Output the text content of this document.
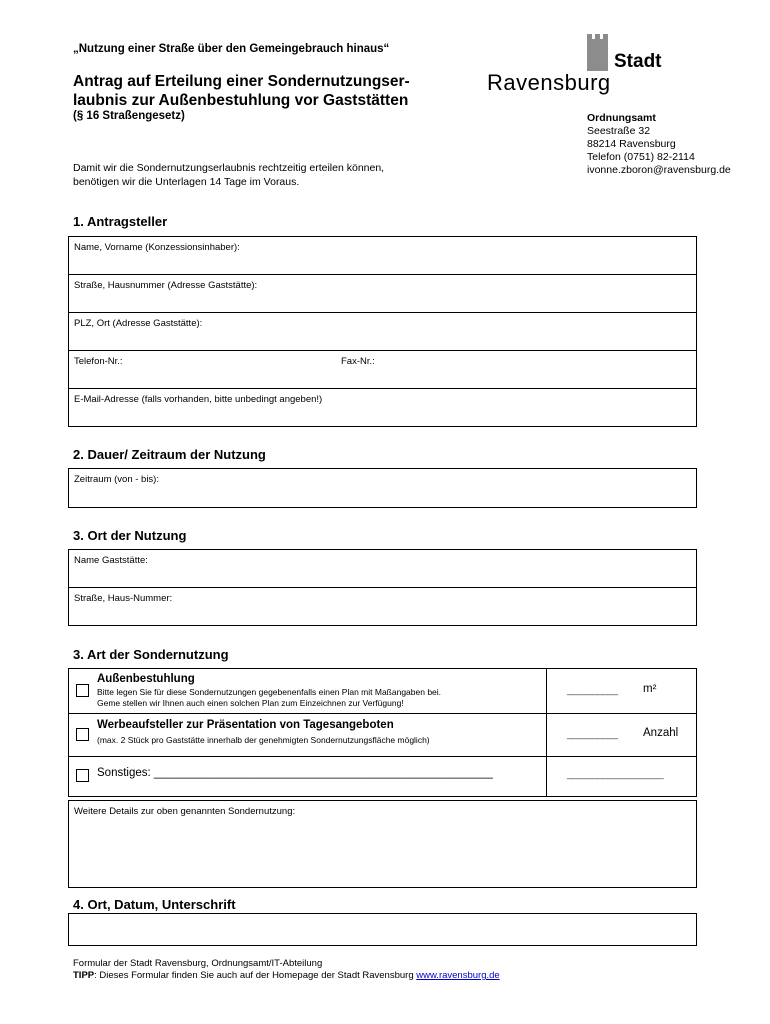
„Nutzung einer Straße über den Gemeingebrauch hinaus“
Antrag auf Erteilung einer Sondernutzungser-
laubnis zur Außenbestuhlung vor Gaststätten
(§ 16 Straßengesetz)
Damit wir die Sondernutzungserlaubnis rechtzeitig erteilen können,
benötigen wir die Unterlagen 14 Tage im Voraus.
Stadt
Ravensburg
Ordnungsamt
Seestraße 32
88214 Ravensburg
Telefon (0751) 82-2114
ivonne.zboron@ravensburg.de
1. Antragsteller
Name, Vorname (Konzessionsinhaber):
Straße, Hausnummer (Adresse Gaststätte):
PLZ, Ort (Adresse Gaststätte):
Telefon-Nr.:	Fax-Nr.:
E-Mail-Adresse (falls vorhanden, bitte unbedingt angeben!)
2. Dauer/ Zeitraum der Nutzung
Zeitraum (von - bis):
3. Ort der Nutzung
Name Gaststätte:
Straße, Haus-Nummer:
3. Art der Sondernutzung
Außenbestuhlung
Bitte legen Sie für diese Sondernutzungen gegebenenfalls einen Plan mit Maßangaben bei.
Geme stellen wir Ihnen auch einen solchen Plan zum Einzeichnen zur Verfügung!
__________ m²
Werbeaufsteller zur Präsentation von Tagesangeboten
(max. 2 Stück pro Gaststätte innerhalb der genehmigten Sondernutzungsfläche möglich)	__________ Anzahl
Sonstiges: _____________________________________________________	___________________
Weitere Details zur oben genannten Sondernutzung:
4. Ort, Datum, Unterschrift
Formular der Stadt Ravensburg, Ordnungsamt/IT-Abteilung
TIPP: Dieses Formular finden Sie auch auf der Homepage der Stadt Ravensburg www.ravensburg.de
